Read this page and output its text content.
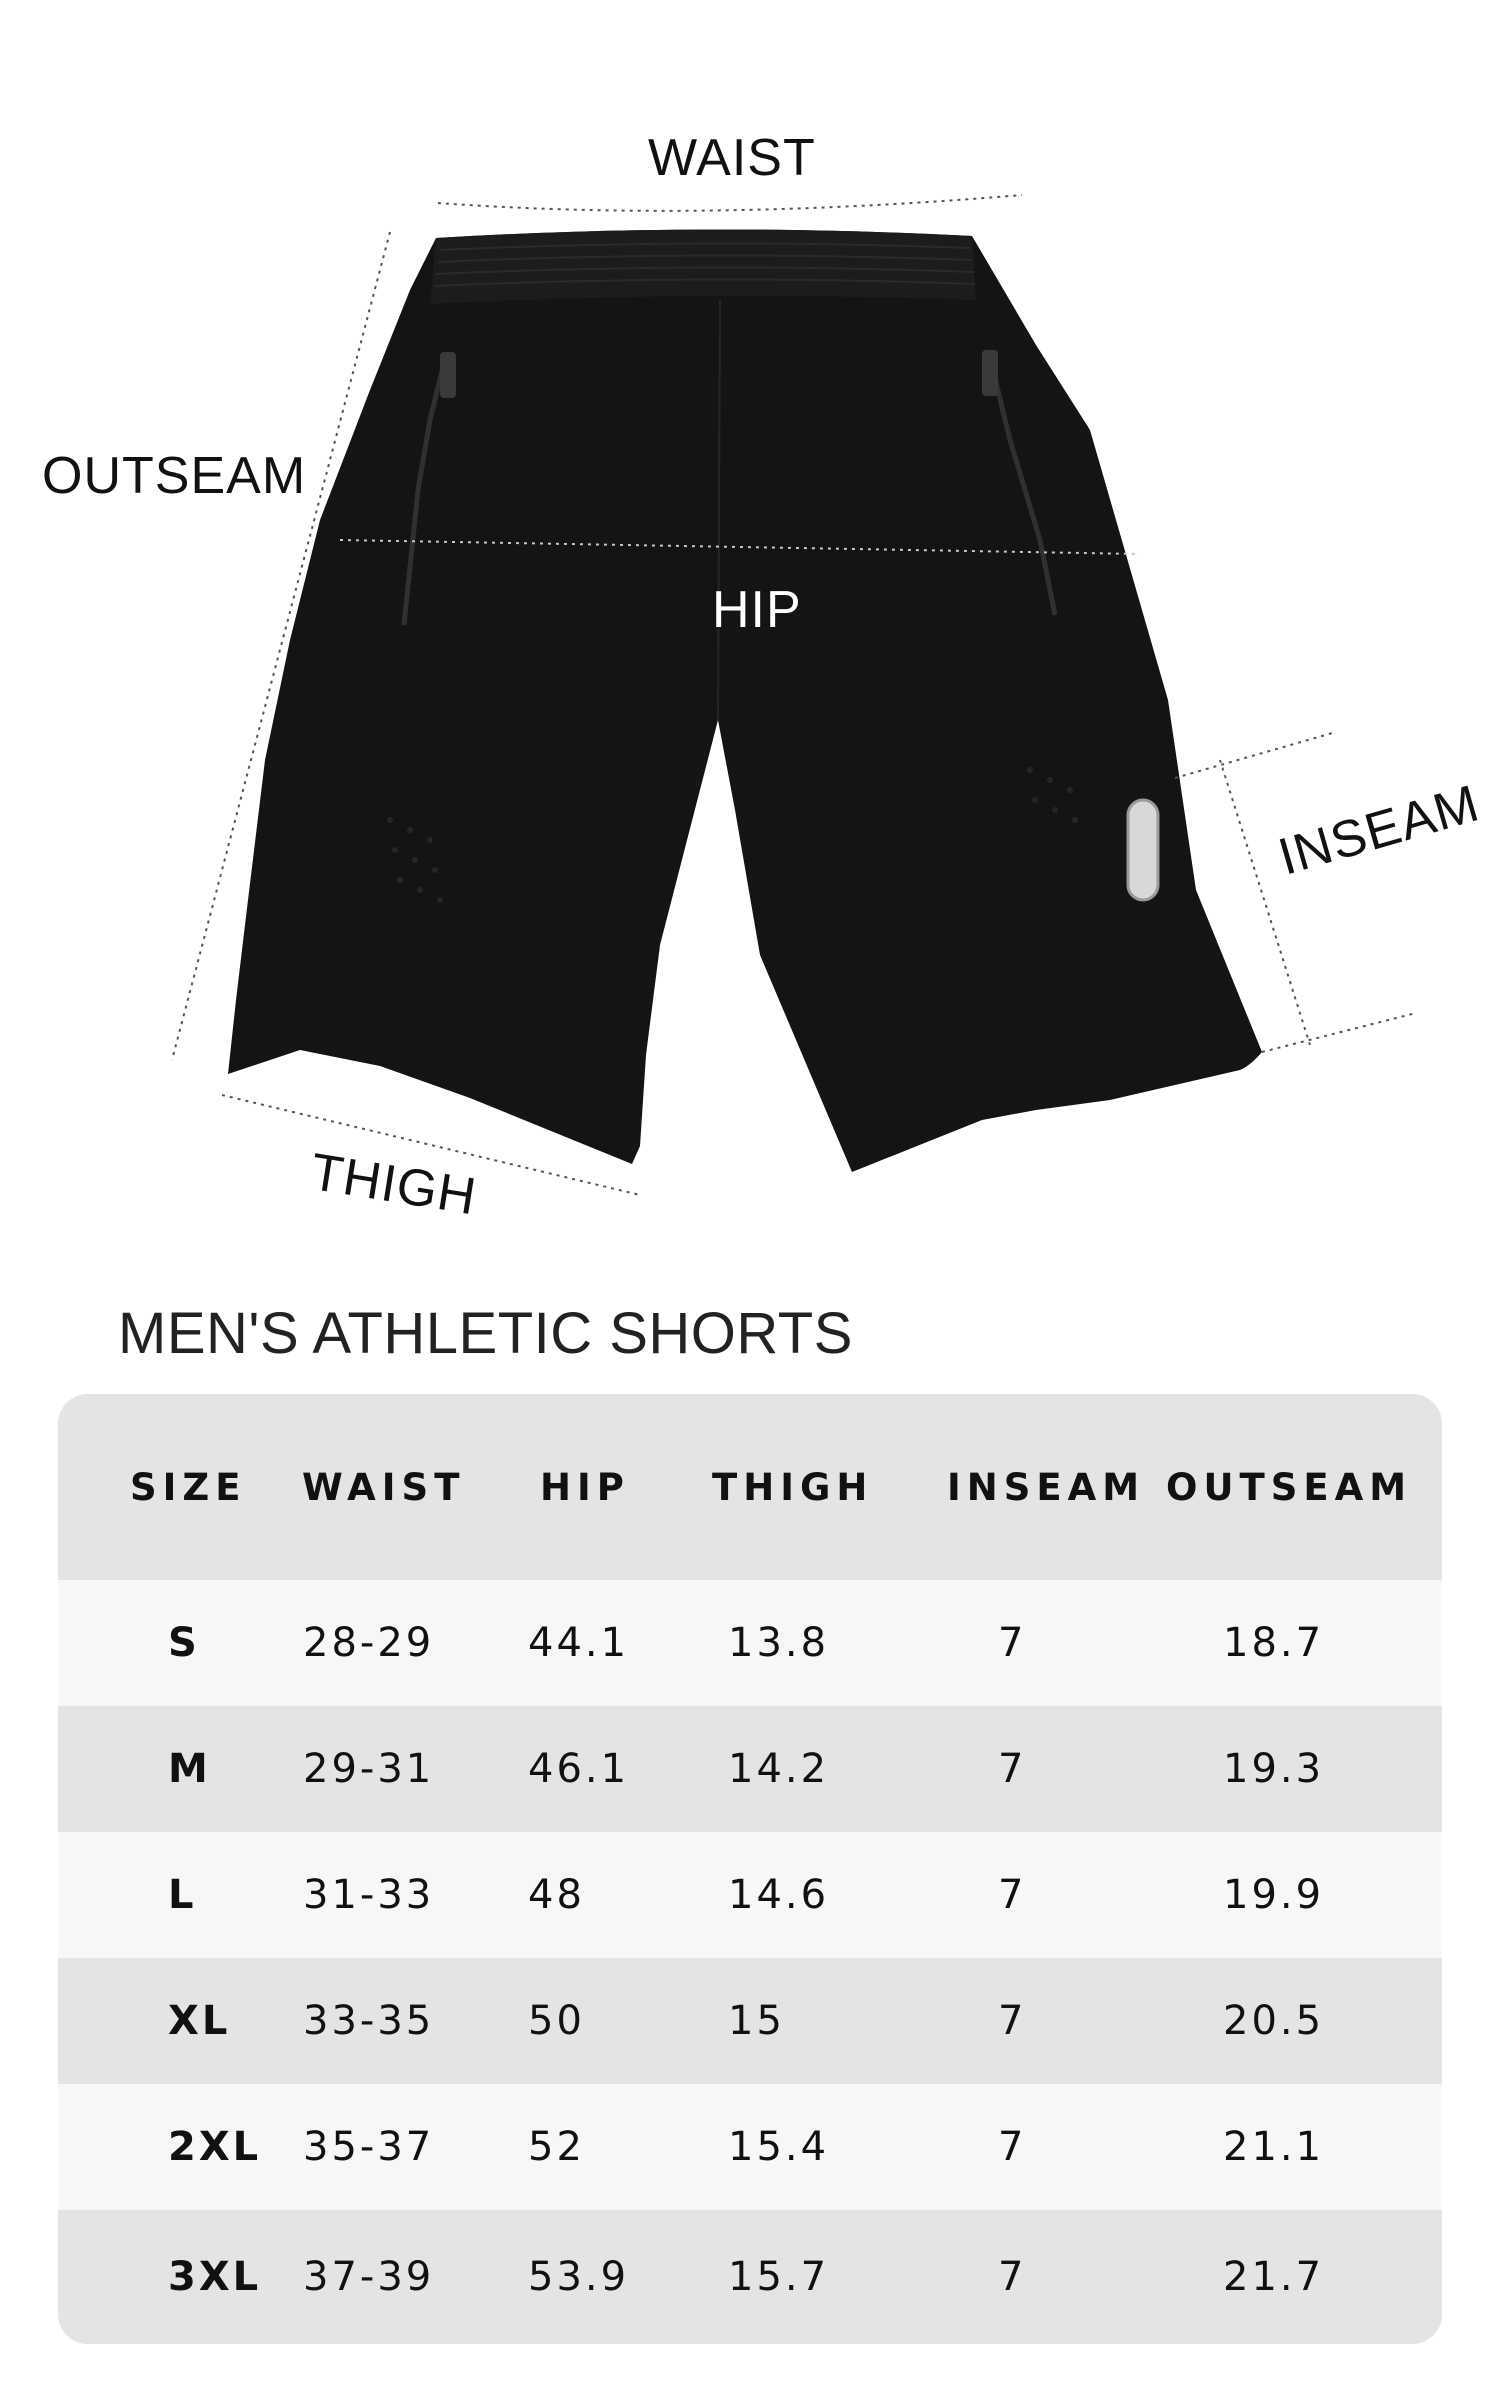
WAIST
OUTSEAM
HIP
INSEAM
THIGH
MEN'S ATHLETIC SHORTS
SIZE WAIST HIP THIGH INSEAM OUTSEAM
S	28-29 44.1 13.8	7	18.7
M 29-31 46.1 14.2	7	19.3
L	31-33 48	14.6	7	19.9
XL 33-35 50	15	7	20.5
2XL 35-37 52	15.4	7	21.1
3XL 37-39 53.9 15.7	7	21.7
